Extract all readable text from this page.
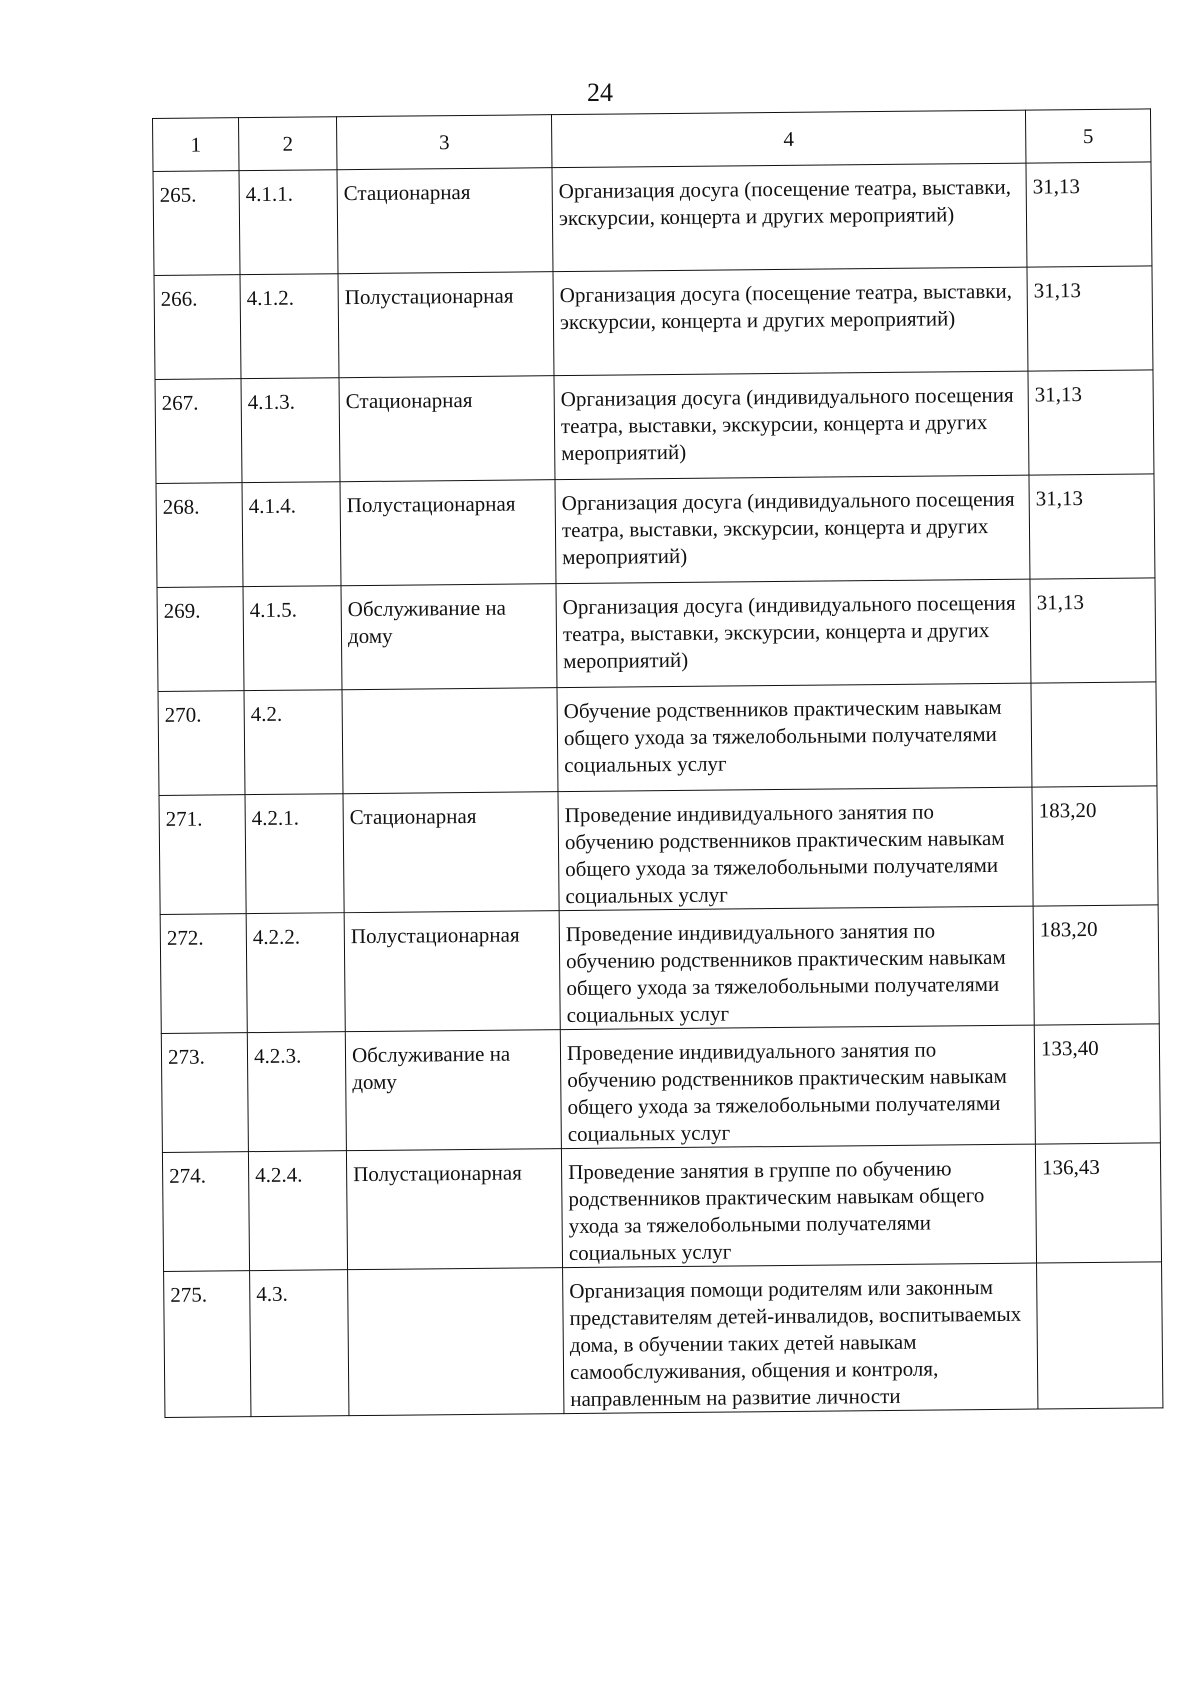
24
1	2	3	4	5
265.	4.1.1.	Стационарная	Организация досуга (посещение театра, выставки, экскурсии, концерта и других мероприятий)	31,13
266.	4.1.2.	Полустационарная	Организация досуга (посещение театра, выставки, экскурсии, концерта и других мероприятий)	31,13
267.	4.1.3.	Стационарная	Организация досуга (индивидуального посещения театра, выставки, экскурсии, концерта и других мероприятий)	31,13
268.	4.1.4.	Полустационарная	Организация досуга (индивидуального посещения театра, выставки, экскурсии, концерта и других мероприятий)	31,13
269.	4.1.5.	Обслуживание на дому	Организация досуга (индивидуального посещения театра, выставки, экскурсии, концерта и других мероприятий)	31,13
270.	4.2.		Обучение родственников практическим навыкам общего ухода за тяжелобольными получателями социальных услуг	
271.	4.2.1.	Стационарная	Проведение индивидуального занятия по обучению родственников практическим навыкам общего ухода за тяжелобольными получателями социальных услуг	183,20
272.	4.2.2.	Полустационарная	Проведение индивидуального занятия по обучению родственников практическим навыкам общего ухода за тяжелобольными получателями социальных услуг	183,20
273.	4.2.3.	Обслуживание на дому	Проведение индивидуального занятия по обучению родственников практическим навыкам общего ухода за тяжелобольными получателями социальных услуг	133,40
274.	4.2.4.	Полустационарная	Проведение занятия в группе по обучению родственников практическим навыкам общего ухода за тяжелобольными получателями социальных услуг	136,43
275.	4.3.		Организация помощи родителям или законным представителям детей-инвалидов, воспитываемых дома, в обучении таких детей навыкам самообслуживания, общения и контроля, направленным на развитие личности	
